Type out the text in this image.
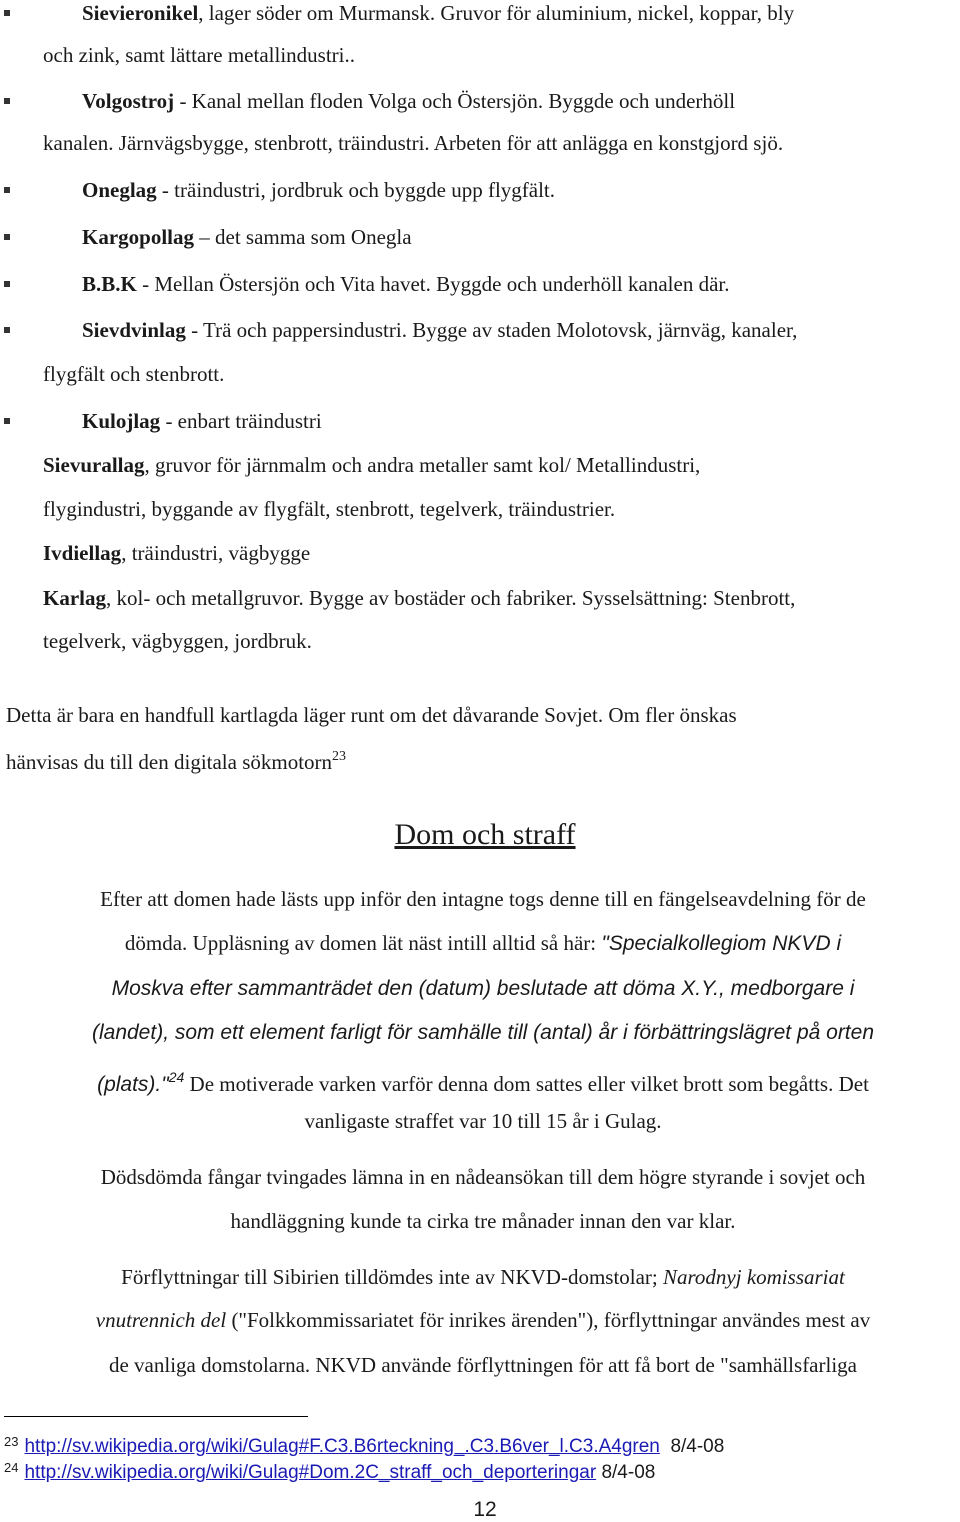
Sievieronikel, lager söder om Murmansk. Gruvor för aluminium, nickel, koppar, bly
och zink, samt lättare metallindustri..
Volgostroj - Kanal mellan floden Volga och Östersjön. Byggde och underhöll
kanalen. Järnvägsbygge, stenbrott, träindustri. Arbeten för att anlägga en konstgjord sjö.
Oneglag - träindustri, jordbruk och byggde upp flygfält.
Kargopollag – det samma som Onegla
B.B.K - Mellan Östersjön och Vita havet. Byggde och underhöll kanalen där.
Sievdvinlag - Trä och pappersindustri. Bygge av staden Molotovsk, järnväg, kanaler,
flygfält och stenbrott.
Kulojlag - enbart träindustri
Sievurallag, gruvor för järnmalm och andra metaller samt kol/ Metallindustri,
flygindustri, byggande av flygfält, stenbrott, tegelverk, träindustrier.
Ivdiellag, träindustri, vägbygge
Karlag, kol- och metallgruvor. Bygge av bostäder och fabriker. Sysselsättning: Stenbrott,
tegelverk, vägbyggen, jordbruk.
Detta är bara en handfull kartlagda läger runt om det dåvarande Sovjet. Om fler önskas
hänvisas du till den digitala sökmotorn$^{23}$
Dom och straff
Efter att domen hade lästs upp inför den intagne togs denne till en fängelseavdelning för de
dömda. Uppläsning av domen lät näst intill alltid så här: "Specialkollegiom NKVD i
Moskva efter sammanträdet den (datum) beslutade att döma X.Y., medborgare i
(landet), som ett element farligt för samhälle till (antal) år i förbättringslägret på orten
(plats)."$^{24}$ De motiverade varken varför denna dom sattes eller vilket brott som begåtts. Det
vanligaste straffet var 10 till 15 år i Gulag.
Dödsdömda fångar tvingades lämna in en nådeansökan till dem högre styrande i sovjet och
handläggning kunde ta cirka tre månader innan den var klar.
Förflyttningar till Sibirien tilldömdes inte av NKVD-domstolar; Narodnyj komissariat
vnutrennich del ("Folkkommissariatet för inrikes ärenden"), förflyttningar användes mest av
de vanliga domstolarna. NKVD använde förflyttningen för att få bort de "samhällsfarliga
$^{23}$ http://sv.wikipedia.org/wiki/Gulag#F.C3.B6rteckning_.C3.B6ver_l.C3.A4gren 8/4-08
$^{24}$ http://sv.wikipedia.org/wiki/Gulag#Dom.2C_straff_och_deporteringar 8/4-08
12
